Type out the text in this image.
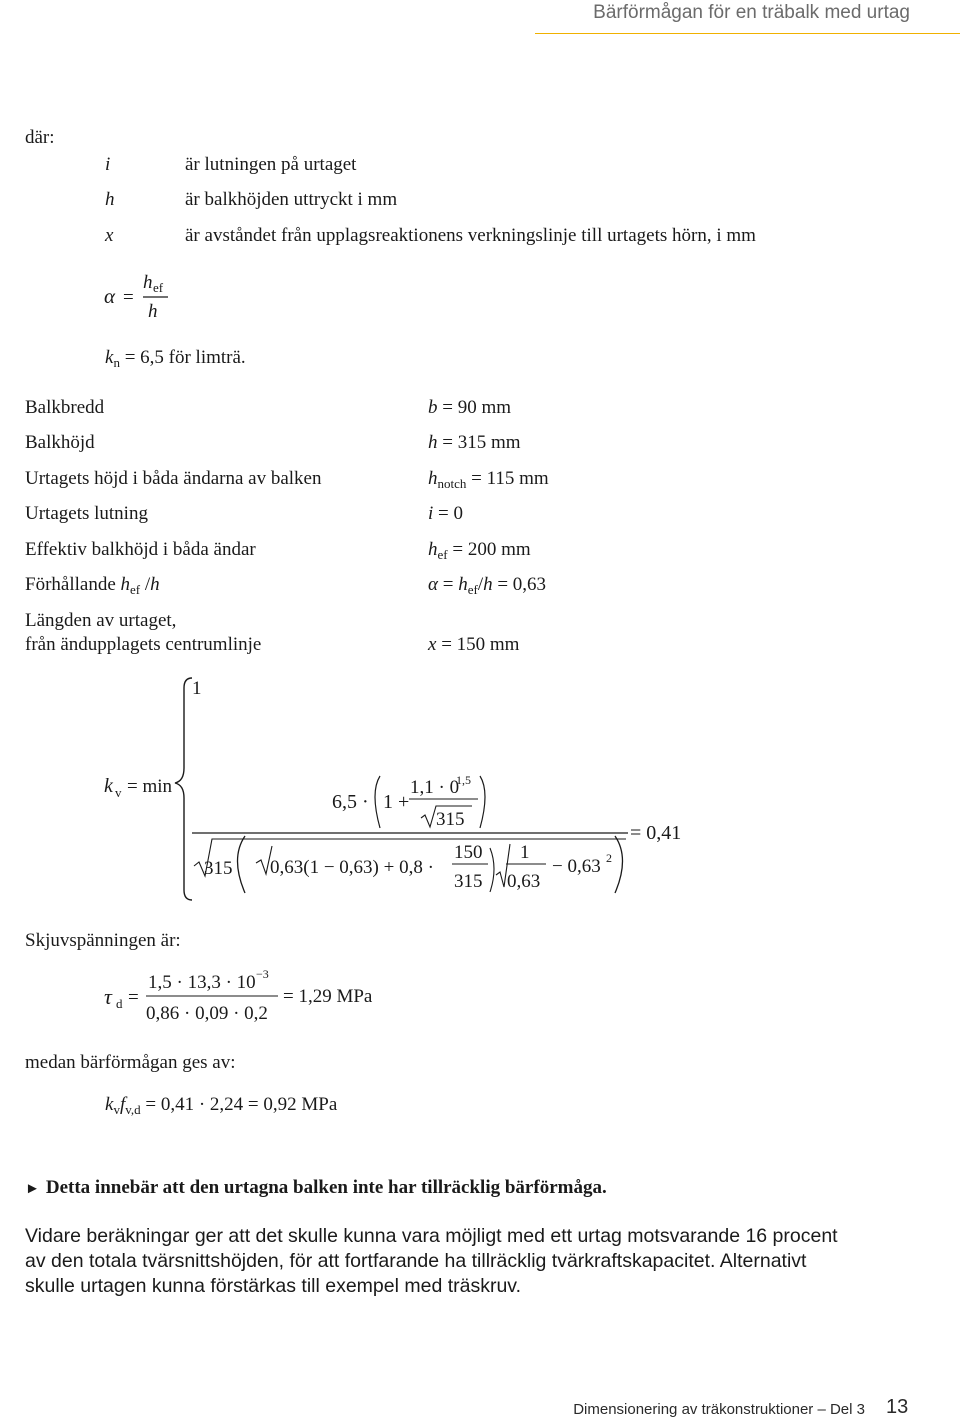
Bärförmågan för en träbalk med urtag
där:
i	är lutningen på urtaget
h	är balkhöjden uttryckt i mm
x	är avståndet från upplagsreaktionens verkningslinje till urtagets hörn, i mm
α =
h ef
h
$k_n = 6,5$ för limträ.
Balkbredd	b = 90 mm
Balkhöjd	h = 315 mm
Urtagets höjd i båda ändarna av balken	$h_{notch} = 115$ mm
Urtagets lutning	i = 0
Effektiv balkhöjd i båda ändar	$h_{ef} = 200$ mm
Förhållande $h_{ef}$ /h	$\alpha = h_{ef}/h = 0,63$
Längden av urtaget,
från ändupplagets centrumlinje	x = 150 mm
1
k v = min
6,5 · 1 +
1,1 · 0
1,5
315
315 0,63(1 − 0,63) + 0,8 ·
150
315
1
0,63
− 0,63 2
= 0,41
Skjuvspänningen är:
τ d =
1,5 · 13,3 · 10 −3
0,86 · 0,09 · 0,2
= 1,29 MPa
medan bärförmågan ges av:
$k_vf_{v,d} = 0,41 \cdot 2,24 = 0,92$ MPa
► Detta innebär att den urtagna balken inte har tillräcklig bärförmåga.
Vidare beräkningar ger att det skulle kunna vara möjligt med ett urtag motsvarande 16 procent av den totala tvärsnittshöjden, för att fortfarande ha tillräcklig tvärkraftskapacitet. Alternativt skulle urtagen kunna förstärkas till exempel med träskruv.
Dimensionering av träkonstruktioner – Del 3 13
